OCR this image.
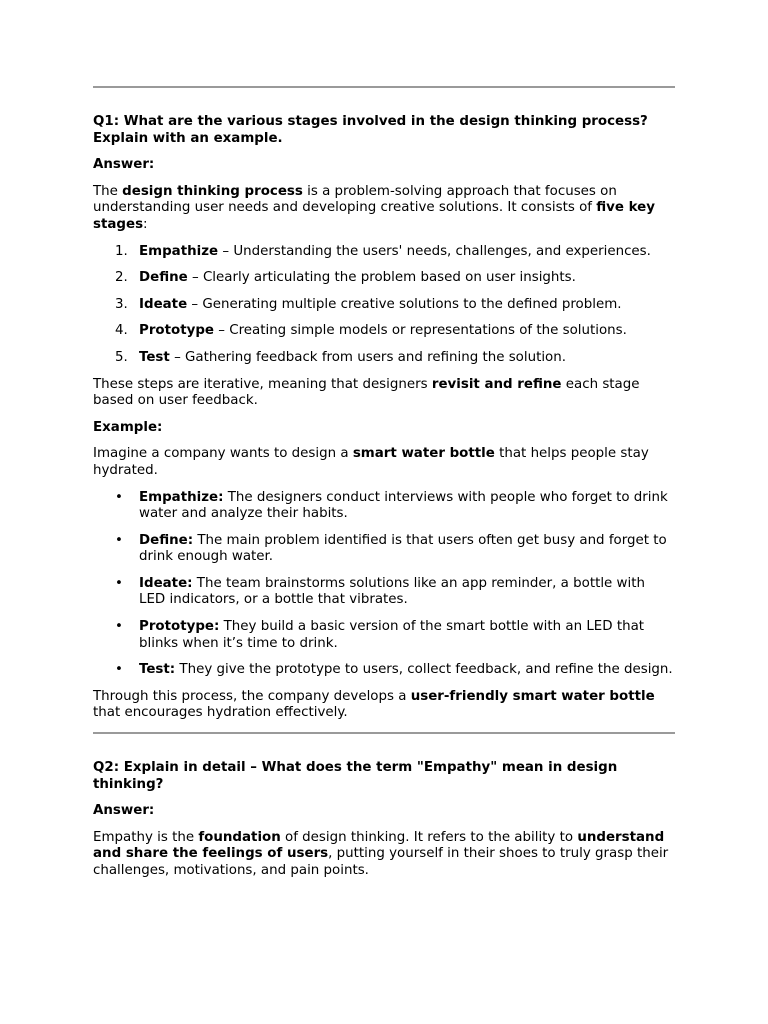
Q1: What are the various stages involved in the design thinking process? Explain with an example.

Answer:

The design thinking process is a problem-solving approach that focuses on understanding user needs and developing creative solutions. It consists of five key stages:

1. Empathize – Understanding the users' needs, challenges, and experiences.
2. Define – Clearly articulating the problem based on user insights.
3. Ideate – Generating multiple creative solutions to the defined problem.
4. Prototype – Creating simple models or representations of the solutions.
5. Test – Gathering feedback from users and refining the solution.

These steps are iterative, meaning that designers revisit and refine each stage based on user feedback.

Example:

Imagine a company wants to design a smart water bottle that helps people stay hydrated.

• Empathize: The designers conduct interviews with people who forget to drink water and analyze their habits.
• Define: The main problem identified is that users often get busy and forget to drink enough water.
• Ideate: The team brainstorms solutions like an app reminder, a bottle with LED indicators, or a bottle that vibrates.
• Prototype: They build a basic version of the smart bottle with an LED that blinks when it’s time to drink.
• Test: They give the prototype to users, collect feedback, and refine the design.

Through this process, the company develops a user-friendly smart water bottle that encourages hydration effectively.

Q2: Explain in detail – What does the term "Empathy" mean in design thinking?

Answer:

Empathy is the foundation of design thinking. It refers to the ability to understand and share the feelings of users, putting yourself in their shoes to truly grasp their challenges, motivations, and pain points.
